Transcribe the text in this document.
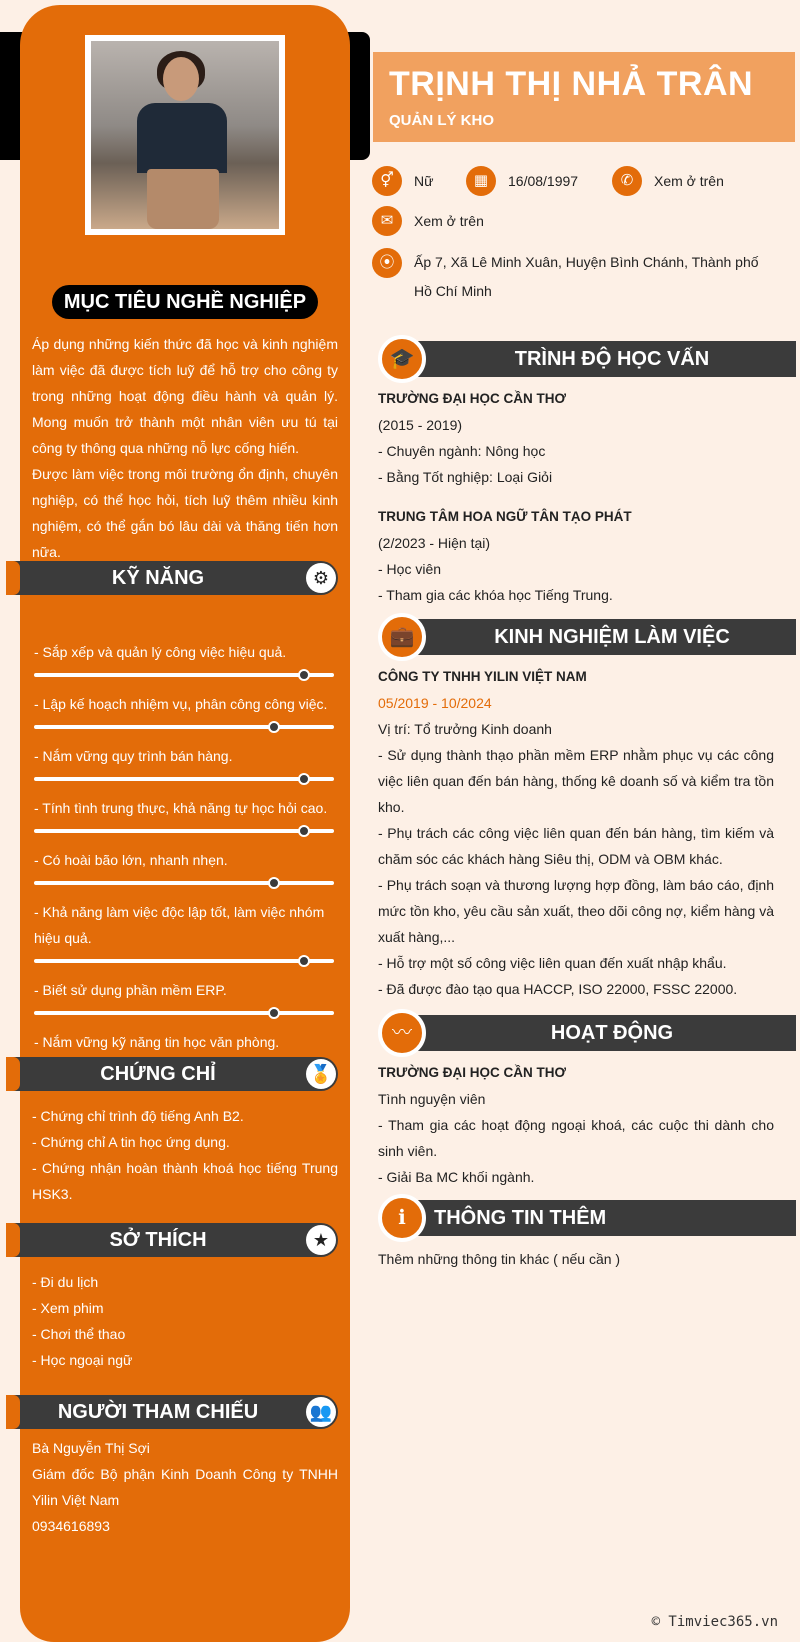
MỤC TIÊU NGHỀ NGHIỆP

Áp dụng những kiến thức đã học và kinh nghiệm làm việc đã được tích luỹ để hỗ trợ cho công ty trong những hoạt động điều hành và quản lý. Mong muốn trở thành một nhân viên ưu tú tại công ty thông qua những nỗ lực cống hiến.

Được làm việc trong môi trường ổn định, chuyên nghiệp, có thể học hỏi, tích luỹ thêm nhiều kinh nghiệm, có thể gắn bó lâu dài và thăng tiến hơn nữa.

KỸ NĂNG	⚙
- Sắp xếp và quản lý công việc hiệu quả.
- Lập kế hoạch nhiệm vụ, phân công công việc.
- Nắm vững quy trình bán hàng.
- Tính tình trung thực, khả năng tự học hỏi cao.
- Có hoài bão lớn, nhanh nhẹn.
- Khả năng làm việc độc lập tốt, làm việc nhóm hiệu quả.
- Biết sử dụng phần mềm ERP.
- Nắm vững kỹ năng tin học văn phòng.
CHỨNG CHỈ	🏅
- Chứng chỉ trình độ tiếng Anh B2.
- Chứng chỉ A tin học ứng dụng.
- Chứng nhận hoàn thành khoá học tiếng Trung HSK3.
SỞ THÍCH	★
- Đi du lịch
- Xem phim
- Chơi thể thao
- Học ngoại ngữ
NGƯỜI THAM CHIẾU	👥
Bà Nguyễn Thị Sợi
Giám đốc Bộ phận Kinh Doanh Công ty TNHH Yilin Việt Nam
0934616893
TRỊNH THỊ NHẢ TRÂN
QUẢN LÝ KHO
⚥	Nữ	▦	16/08/1997	✆	Xem ở trên
✉	Xem ở trên
⦿	Ấp 7, Xã Lê Minh Xuân, Huyện Bình Chánh, Thành phố Hồ Chí Minh
🎓	TRÌNH ĐỘ HỌC VẤN
TRƯỜNG ĐẠI HỌC CẦN THƠ
(2015 - 2019)
- Chuyên ngành: Nông học
- Bằng Tốt nghiệp: Loại Giỏi
TRUNG TÂM HOA NGỮ TÂN TẠO PHÁT
(2/2023 - Hiện tại)
- Học viên
- Tham gia các khóa học Tiếng Trung.
💼	KINH NGHIỆM LÀM VIỆC
CÔNG TY TNHH YILIN VIỆT NAM
05/2019 - 10/2024
Vị trí: Tổ trưởng Kinh doanh
- Sử dụng thành thạo phần mềm ERP nhằm phục vụ các công việc liên quan đến bán hàng, thống kê doanh số và kiểm tra tồn kho.
- Phụ trách các công việc liên quan đến bán hàng, tìm kiếm và chăm sóc các khách hàng Siêu thị, ODM và OBM khác.
- Phụ trách soạn và thương lượng hợp đồng, làm báo cáo, định mức tồn kho, yêu cầu sản xuất, theo dõi công nợ, kiểm hàng và xuất hàng,...
- Hỗ trợ một số công việc liên quan đến xuất nhập khẩu.
- Đã được đào tạo qua HACCP, ISO 22000, FSSC 22000.
〰	HOẠT ĐỘNG
TRƯỜNG ĐẠI HỌC CẦN THƠ
Tình nguyện viên
- Tham gia các hoạt động ngoại khoá, các cuộc thi dành cho sinh viên.
- Giải Ba MC khối ngành.
ℹ	THÔNG TIN THÊM
Thêm những thông tin khác ( nếu cần )
© Timviec365.vn
